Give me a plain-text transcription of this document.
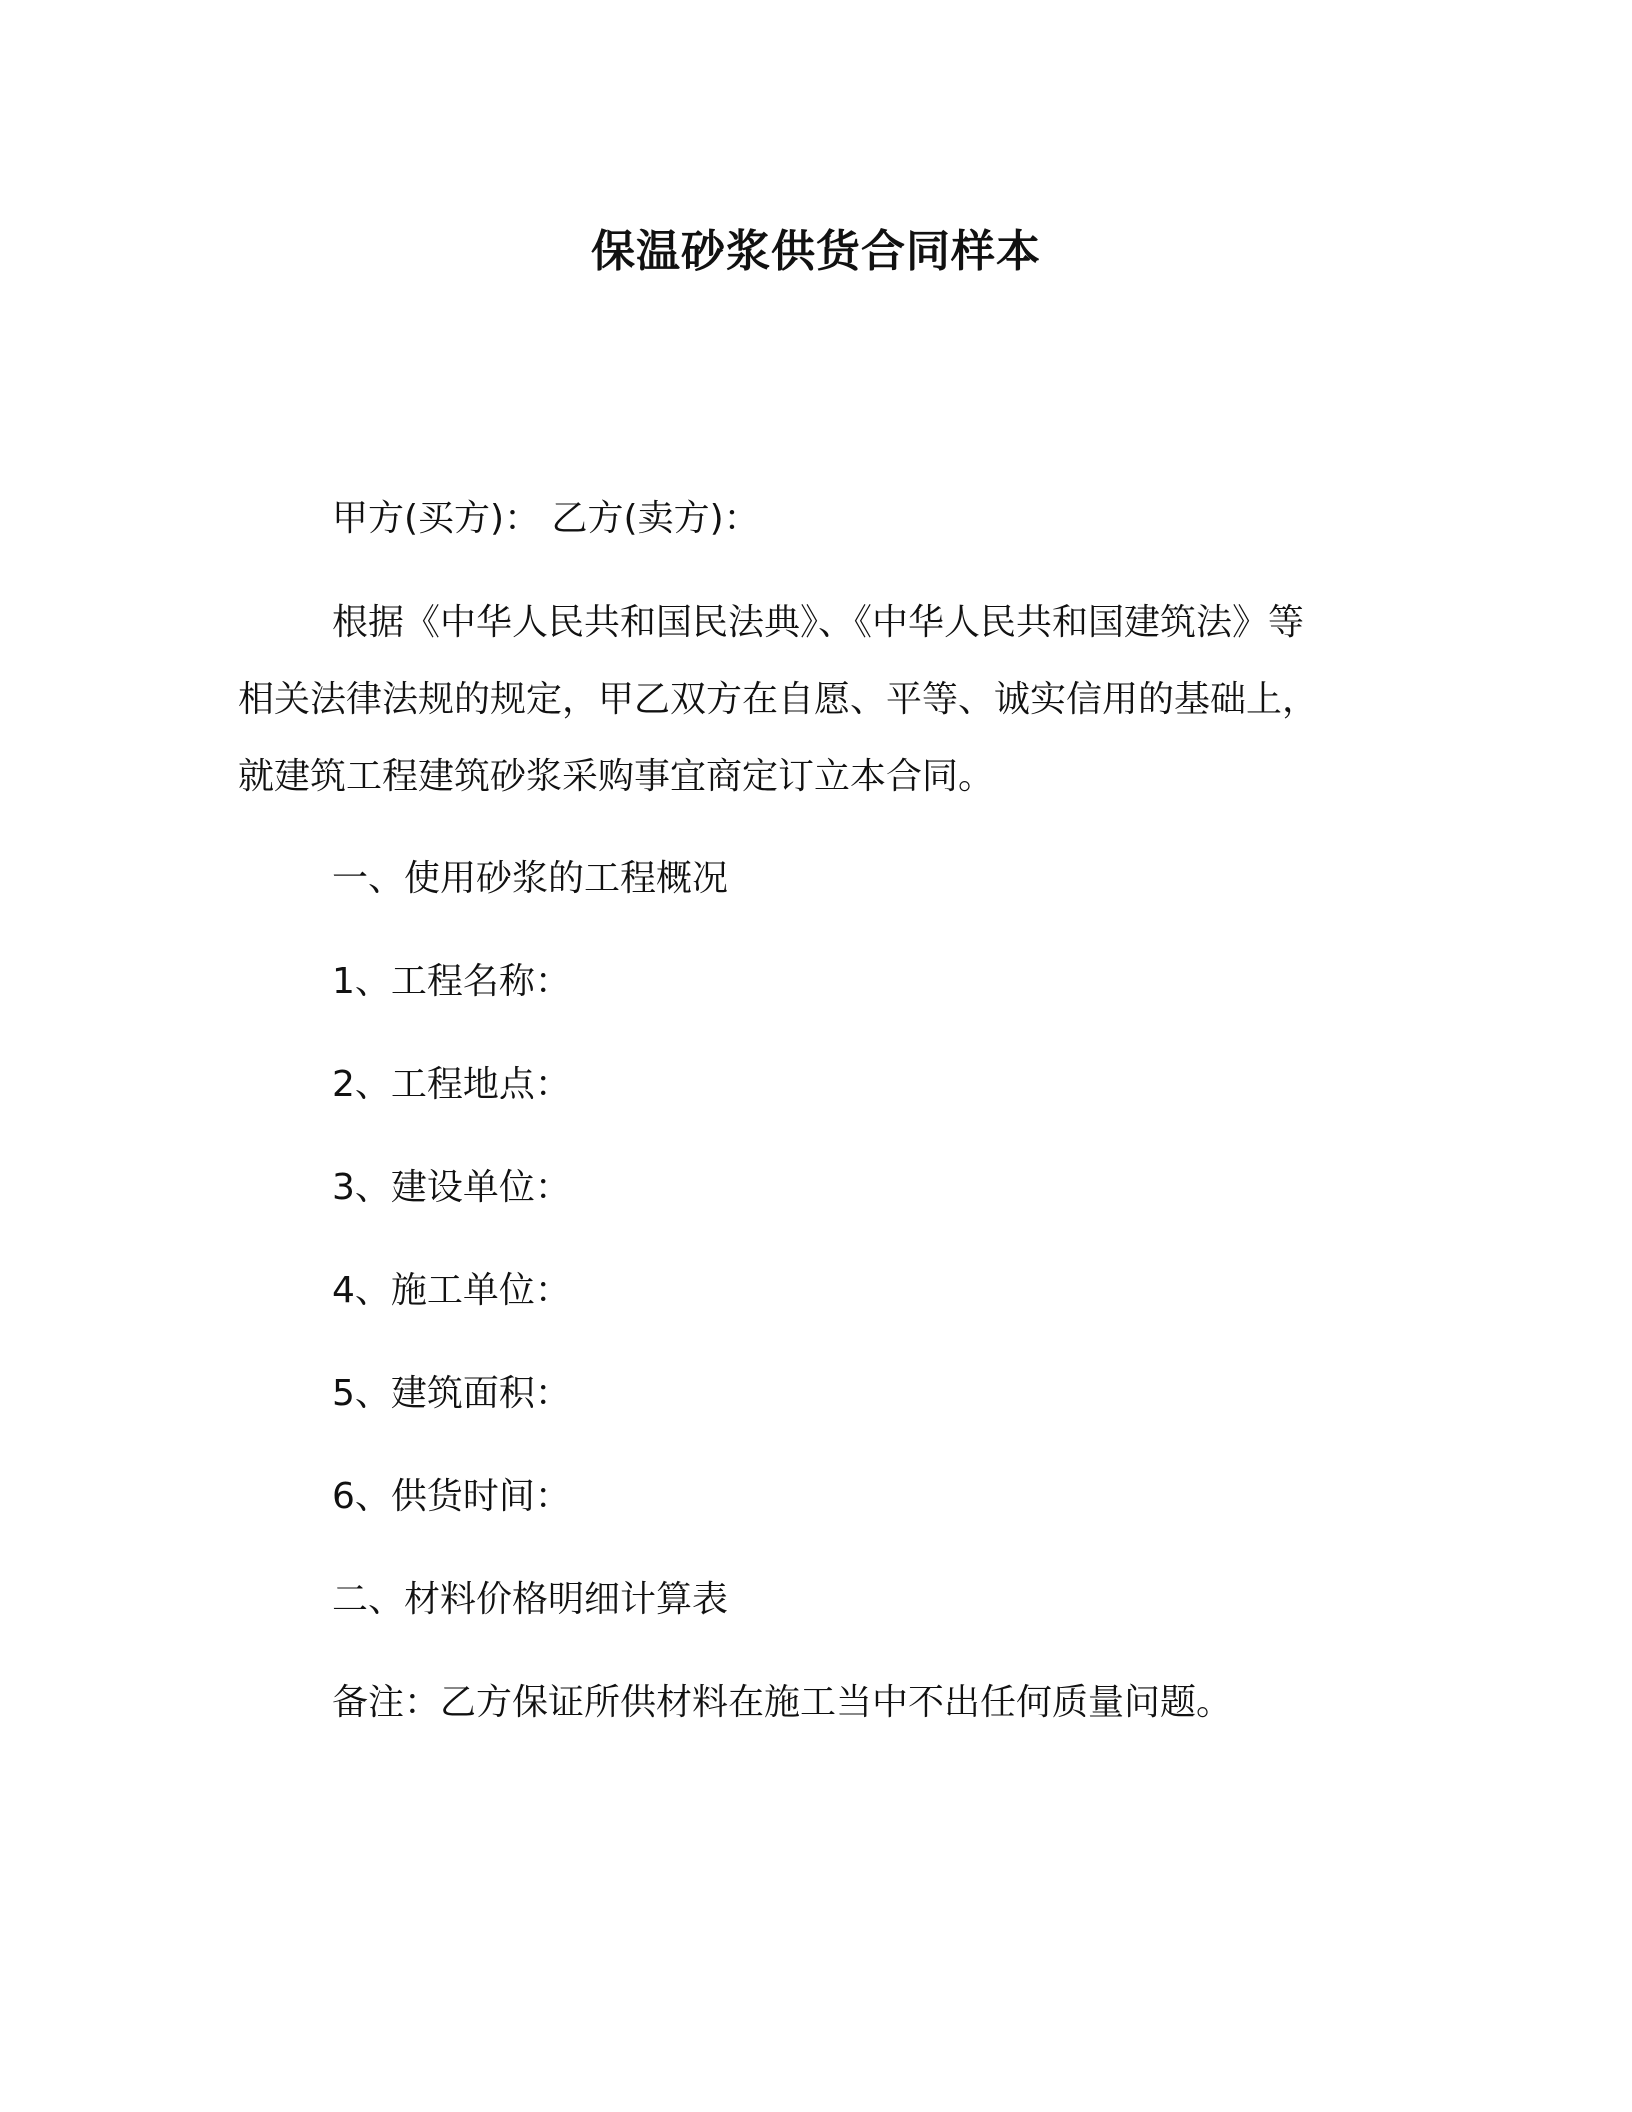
保温砂浆供货合同样本
甲方(买方)： 乙方(卖方)：
根据《中华人民共和国民法典》、《中华人民共和国建筑法》等
相关法律法规的规定，甲乙双方在自愿、平等、诚实信用的基础上，
就建筑工程建筑砂浆采购事宜商定订立本合同。
一、使用砂浆的工程概况
1、工程名称：
2、工程地点：
3、建设单位：
4、施工单位：
5、建筑面积：
6、供货时间：
二、材料价格明细计算表
备注：乙方保证所供材料在施工当中不出任何质量问题。
